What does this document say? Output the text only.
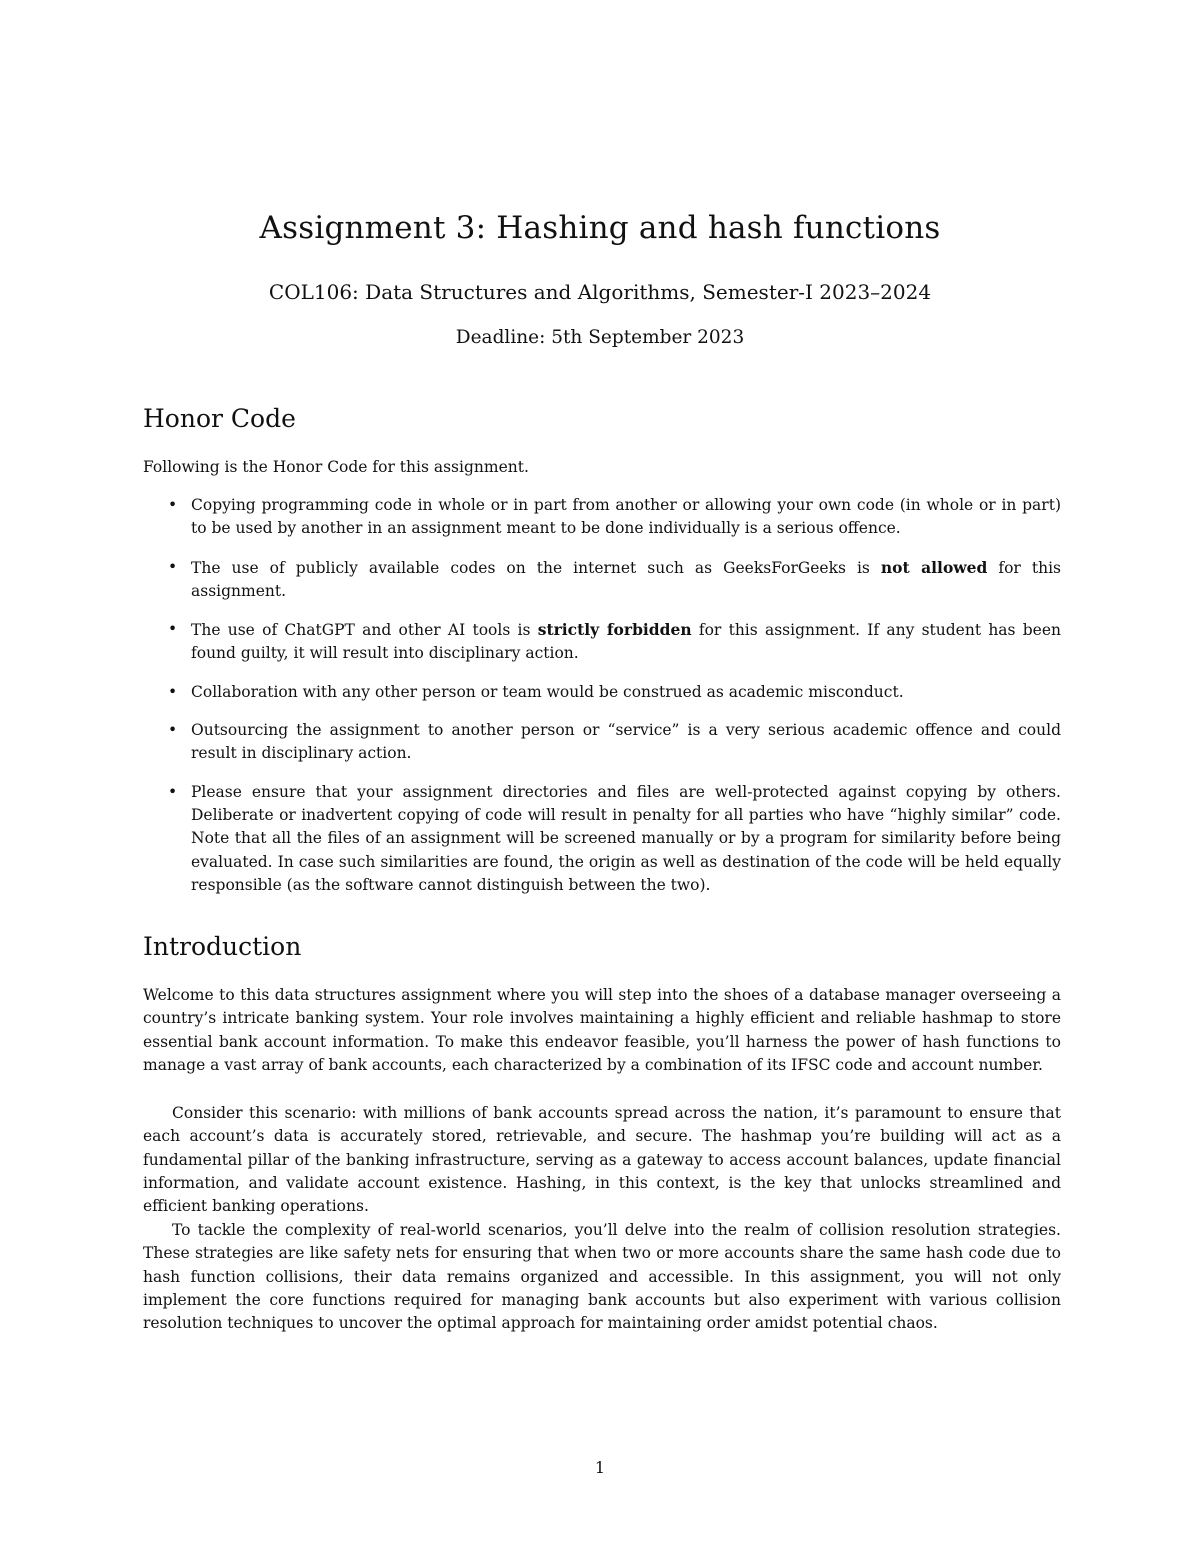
Assignment 3: Hashing and hash functions
COL106: Data Structures and Algorithms, Semester-I 2023–2024
Deadline: 5th September 2023
Honor Code

Following is the Honor Code for this assignment.

• Copying programming code in whole or in part from another or allowing your own code (in whole or in part) to be used by another in an assignment meant to be done individually is a serious offence.
• The use of publicly available codes on the internet such as GeeksForGeeks is not allowed for this assignment.
• The use of ChatGPT and other AI tools is strictly forbidden for this assignment. If any student has been found guilty, it will result into disciplinary action.
• Collaboration with any other person or team would be construed as academic misconduct.
• Outsourcing the assignment to another person or “service” is a very serious academic offence and could result in disciplinary action.
• Please ensure that your assignment directories and files are well-protected against copying by others. Deliberate or inadvertent copying of code will result in penalty for all parties who have “highly similar” code. Note that all the files of an assignment will be screened manually or by a program for similarity before being evaluated. In case such similarities are found, the origin as well as destination of the code will be held equally responsible (as the software cannot distinguish between the two).
Introduction

Welcome to this data structures assignment where you will step into the shoes of a database manager overseeing a country’s intricate banking system. Your role involves maintaining a highly efficient and reliable hashmap to store essential bank account information. To make this endeavor feasible, you’ll harness the power of hash functions to manage a vast array of bank accounts, each characterized by a combination of its IFSC code and account number.

Consider this scenario: with millions of bank accounts spread across the nation, it’s paramount to ensure that each account’s data is accurately stored, retrievable, and secure. The hashmap you’re building will act as a fundamental pillar of the banking infrastructure, serving as a gateway to access account balances, update financial information, and validate account existence. Hashing, in this context, is the key that unlocks streamlined and efficient banking operations.

To tackle the complexity of real-world scenarios, you’ll delve into the realm of collision resolution strategies. These strategies are like safety nets for ensuring that when two or more accounts share the same hash code due to hash function collisions, their data remains organized and accessible. In this assignment, you will not only implement the core functions required for managing bank accounts but also experiment with various collision resolution techniques to uncover the optimal approach for maintaining order amidst potential chaos.

1
